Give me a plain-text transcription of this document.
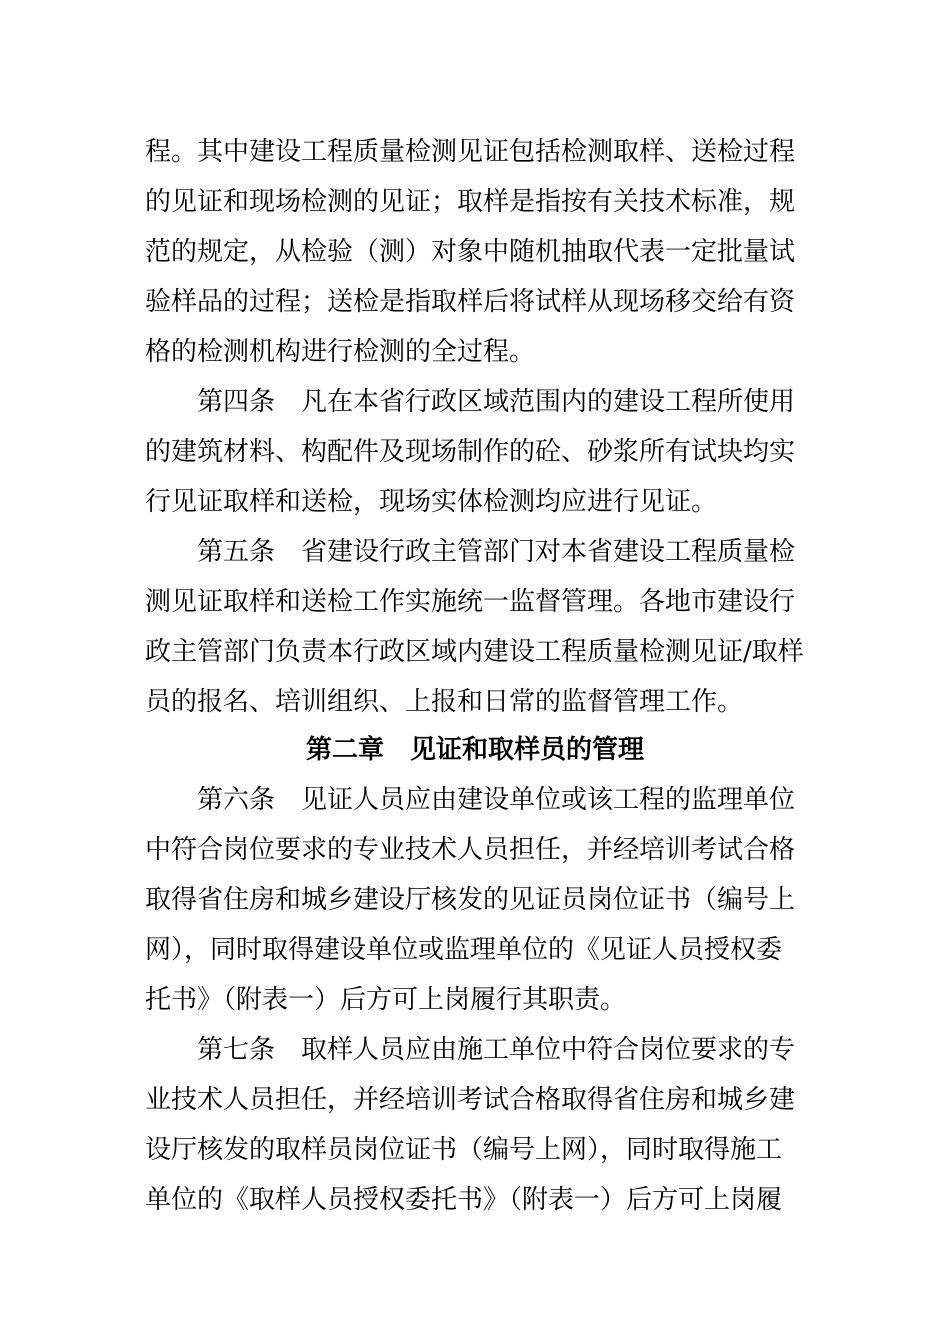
程。其中建设工程质量检测见证包括检测取样、送检过程
的见证和现场检测的见证；取样是指按有关技术标准，规
范的规定，从检验（测）对象中随机抽取代表一定批量试
验样品的过程；送检是指取样后将试样从现场移交给有资
格的检测机构进行检测的全过程。
第四条　凡在本省行政区域范围内的建设工程所使用
的建筑材料、构配件及现场制作的砼、砂浆所有试块均实
行见证取样和送检，现场实体检测均应进行见证。
第五条　省建设行政主管部门对本省建设工程质量检
测见证取样和送检工作实施统一监督管理。各地市建设行
政主管部门负责本行政区域内建设工程质量检测见证/取样
员的报名、培训组织、上报和日常的监督管理工作。
第二章　见证和取样员的管理
第六条　见证人员应由建设单位或该工程的监理单位
中符合岗位要求的专业技术人员担任，并经培训考试合格
取得省住房和城乡建设厅核发的见证员岗位证书（编号上
网），同时取得建设单位或监理单位的《见证人员授权委
托书》（附表一）后方可上岗履行其职责。
第七条　取样人员应由施工单位中符合岗位要求的专
业技术人员担任，并经培训考试合格取得省住房和城乡建
设厅核发的取样员岗位证书（编号上网），同时取得施工
单位的《取样人员授权委托书》（附表一）后方可上岗履
